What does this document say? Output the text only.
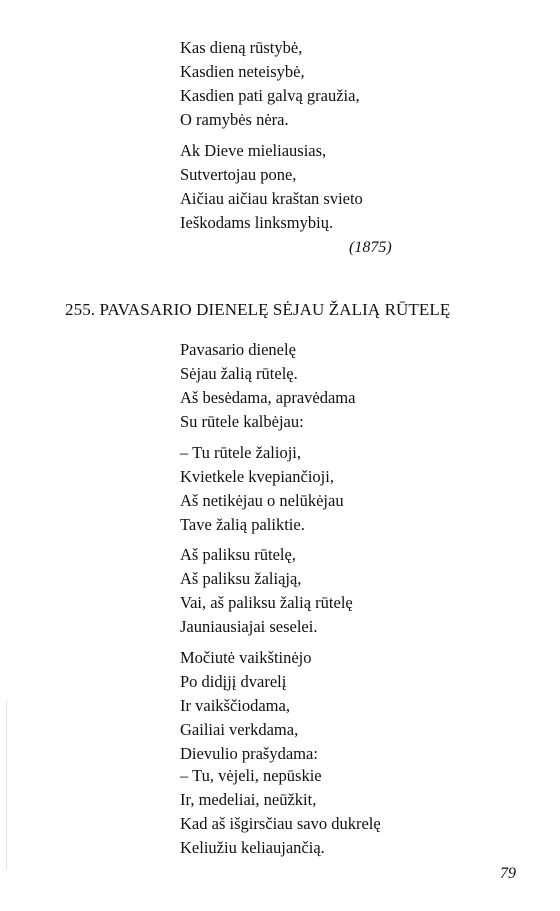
Kas dieną rūstybė,
Kasdien neteisybė,
Kasdien pati galvą graužia,
O ramybės nėra.
Ak Dieve mieliausias,
Sutvertojau pone,
Aičiau aičiau kraštan svieto
Ieškodams linksmybių.
(1875)
255. PAVASARIO DIENELĘ SĖJAU ŽALIĄ RŪTELĘ
Pavasario dienelę
Sėjau žalią rūtelę.
Aš besėdama, apravėdama
Su rūtele kalbėjau:
– Tu rūtele žalioji,
Kvietkele kvepiančioji,
Aš netikėjau o nelūkėjau
Tave žalią paliktie.
Aš paliksu rūtelę,
Aš paliksu žaliąją,
Vai, aš paliksu žalią rūtelę
Jauniausiajai seselei.
Močiutė vaikštinėjo
Po didįjį dvarelį
Ir vaikščiodama,
Gailiai verkdama,
Dievulio prašydama:
– Tu, vėjeli, nepūskie
Ir, medeliai, neūžkit,
Kad aš išgirsčiau savo dukrelę
Keliužiu keliaujančią.
79
